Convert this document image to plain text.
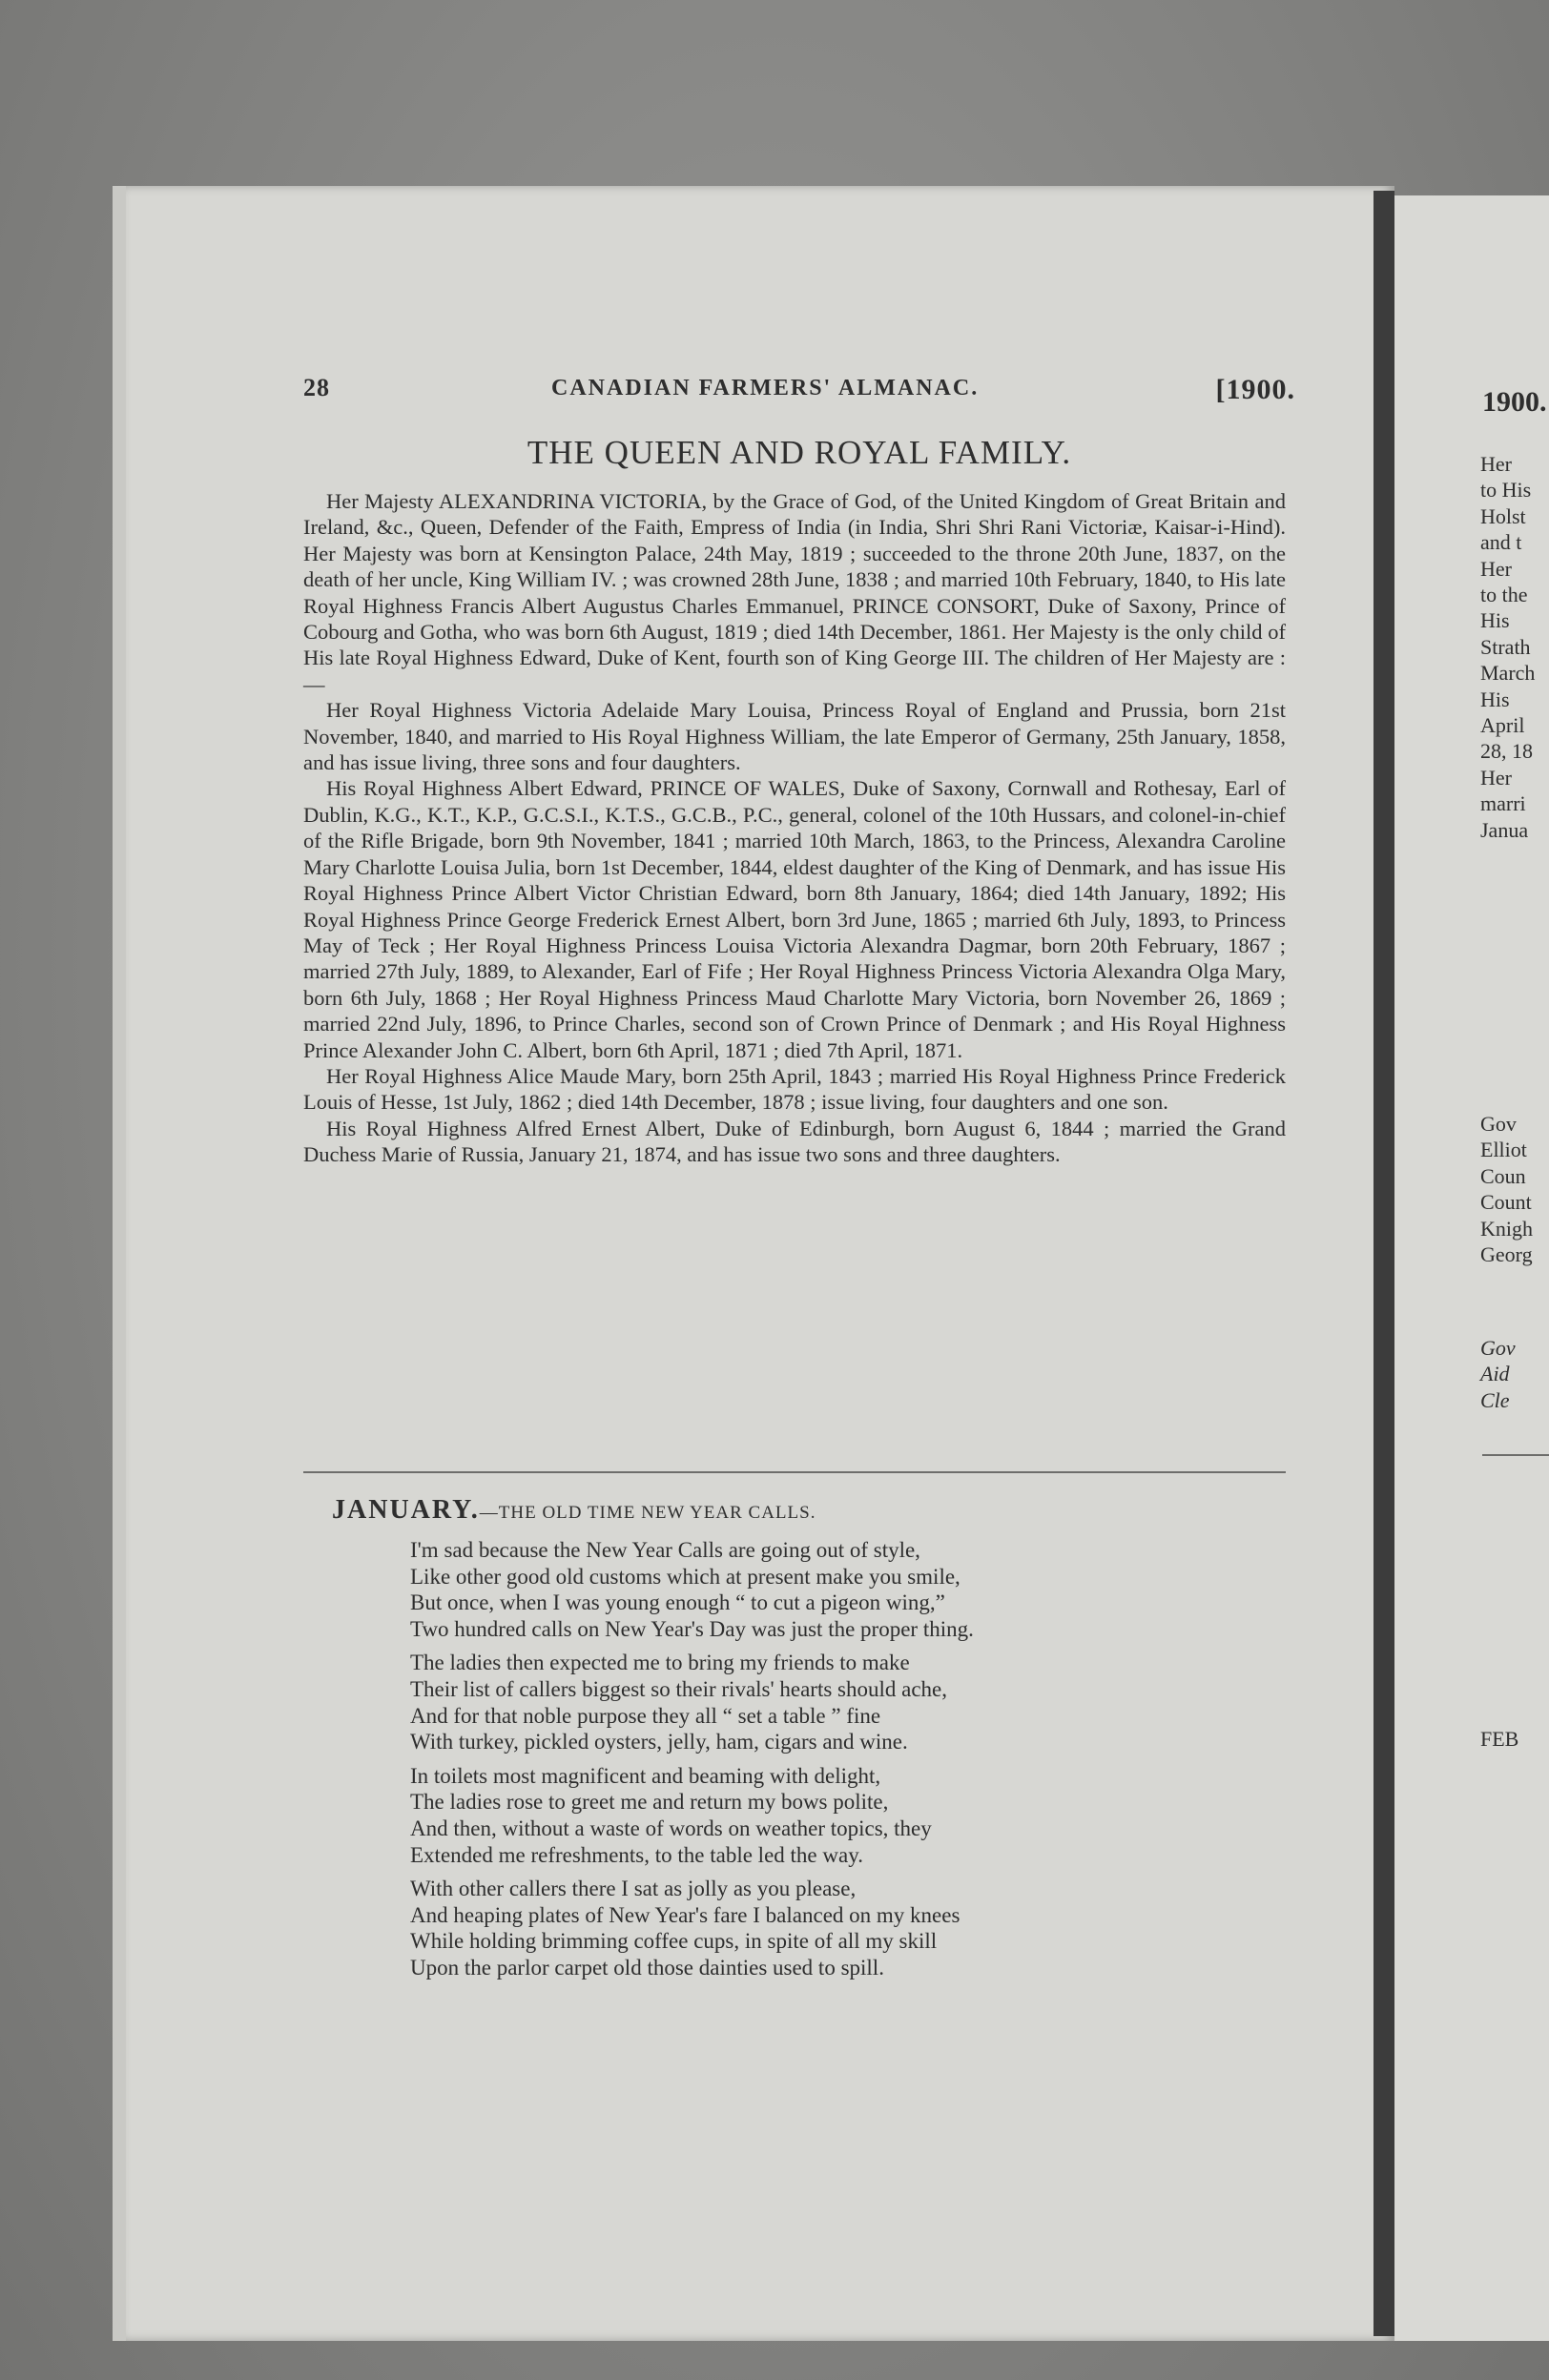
1900.
Her
to His
Holst
and t
Her
to the
His
Strath
March
His
April
28, 18
Her
marri
Janua
Gov
Elliot
Coun
Count
Knigh
Georg
Gov
Aid
Cle
FEB
28	CANADIAN FARMERS' ALMANAC.	[1900.
THE QUEEN AND ROYAL FAMILY.

Her Majesty ALEXANDRINA VICTORIA, by the Grace of God, of the United Kingdom of Great Britain and Ireland, &c., Queen, Defender of the Faith, Empress of India (in India, Shri Shri Rani Victoriæ, Kaisar-i-Hind). Her Majesty was born at Kensington Palace, 24th May, 1819 ; succeeded to the throne 20th June, 1837, on the death of her uncle, King William IV. ; was crowned 28th June, 1838 ; and married 10th February, 1840, to His late Royal Highness Francis Albert Augustus Charles Emmanuel, PRINCE CONSORT, Duke of Saxony, Prince of Cobourg and Gotha, who was born 6th August, 1819 ; died 14th December, 1861. Her Majesty is the only child of His late Royal Highness Edward, Duke of Kent, fourth son of King George III. The children of Her Majesty are :—

Her Royal Highness Victoria Adelaide Mary Louisa, Princess Royal of England and Prussia, born 21st November, 1840, and married to His Royal Highness William, the late Emperor of Germany, 25th January, 1858, and has issue living, three sons and four daughters.

His Royal Highness Albert Edward, PRINCE OF WALES, Duke of Saxony, Cornwall and Rothesay, Earl of Dublin, K.G., K.T., K.P., G.C.S.I., K.T.S., G.C.B., P.C., general, colonel of the 10th Hussars, and colonel-in-chief of the Rifle Brigade, born 9th November, 1841 ; married 10th March, 1863, to the Princess, Alexandra Caroline Mary Charlotte Louisa Julia, born 1st December, 1844, eldest daughter of the King of Denmark, and has issue His Royal Highness Prince Albert Victor Christian Edward, born 8th January, 1864; died 14th January, 1892; His Royal Highness Prince George Frederick Ernest Albert, born 3rd June, 1865 ; married 6th July, 1893, to Princess May of Teck ; Her Royal Highness Princess Louisa Victoria Alexandra Dagmar, born 20th February, 1867 ; married 27th July, 1889, to Alexander, Earl of Fife ; Her Royal Highness Princess Victoria Alexandra Olga Mary, born 6th July, 1868 ; Her Royal Highness Princess Maud Charlotte Mary Victoria, born November 26, 1869 ; married 22nd July, 1896, to Prince Charles, second son of Crown Prince of Denmark ; and His Royal Highness Prince Alexander John C. Albert, born 6th April, 1871 ; died 7th April, 1871.

Her Royal Highness Alice Maude Mary, born 25th April, 1843 ; married His Royal Highness Prince Frederick Louis of Hesse, 1st July, 1862 ; died 14th December, 1878 ; issue living, four daughters and one son.

His Royal Highness Alfred Ernest Albert, Duke of Edinburgh, born August 6, 1844 ; married the Grand Duchess Marie of Russia, January 21, 1874, and has issue two sons and three daughters.

JANUARY.—THE OLD TIME NEW YEAR CALLS.
I'm sad because the New Year Calls are going out of style,
Like other good old customs which at present make you smile,
But once, when I was young enough “ to cut a pigeon wing,”
Two hundred calls on New Year's Day was just the proper thing.
The ladies then expected me to bring my friends to make
Their list of callers biggest so their rivals' hearts should ache,
And for that noble purpose they all “ set a table ” fine
With turkey, pickled oysters, jelly, ham, cigars and wine.
In toilets most magnificent and beaming with delight,
The ladies rose to greet me and return my bows polite,
And then, without a waste of words on weather topics, they
Extended me refreshments, to the table led the way.
With other callers there I sat as jolly as you please,
And heaping plates of New Year's fare I balanced on my knees
While holding brimming coffee cups, in spite of all my skill
Upon the parlor carpet old those dainties used to spill.
